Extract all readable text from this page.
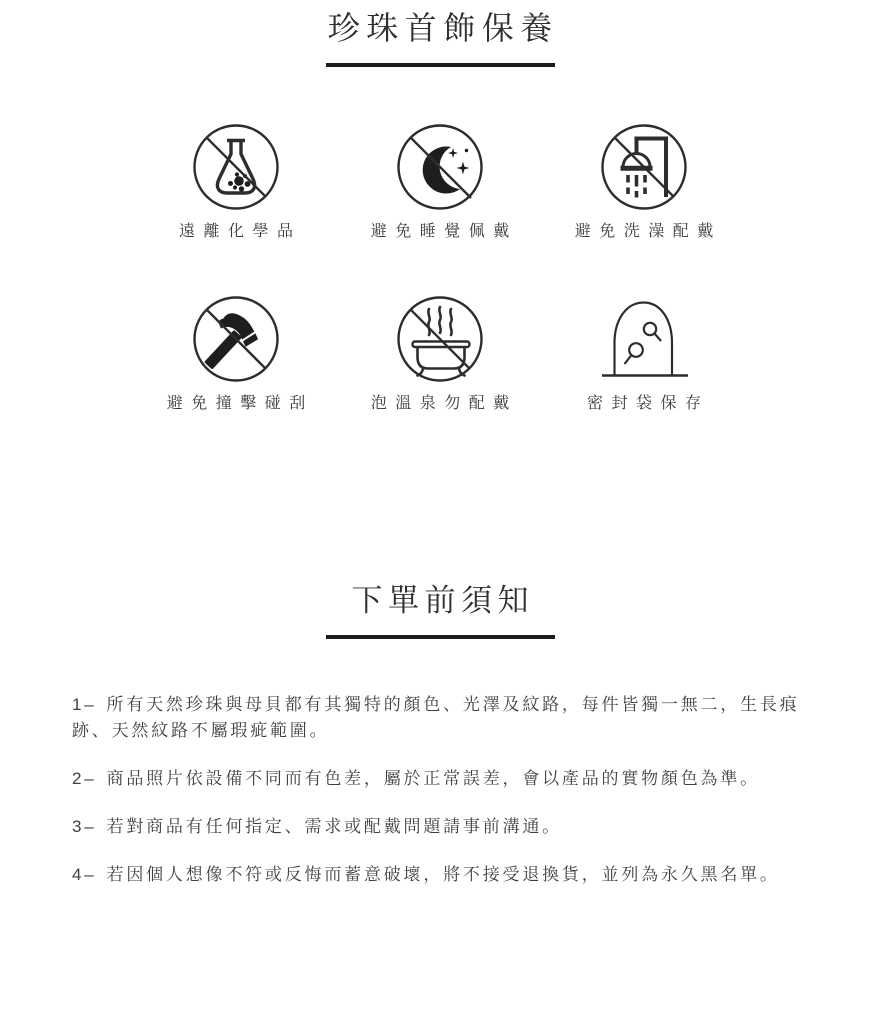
珍珠首飾保養
遠離化學品	避免睡覺佩戴	避免洗澡配戴
避免撞擊碰刮	泡溫泉勿配戴	密封袋保存
下單前須知

1– 所有天然珍珠與母貝都有其獨特的顏色、光澤及紋路，每件皆獨一無二，生長痕跡、天然紋路不屬瑕疵範圍。

2– 商品照片依設備不同而有色差，屬於正常誤差，會以產品的實物顏色為準。

3– 若對商品有任何指定、需求或配戴問題請事前溝通。

4– 若因個人想像不符或反悔而蓄意破壞，將不接受退換貨，並列為永久黑名單。
